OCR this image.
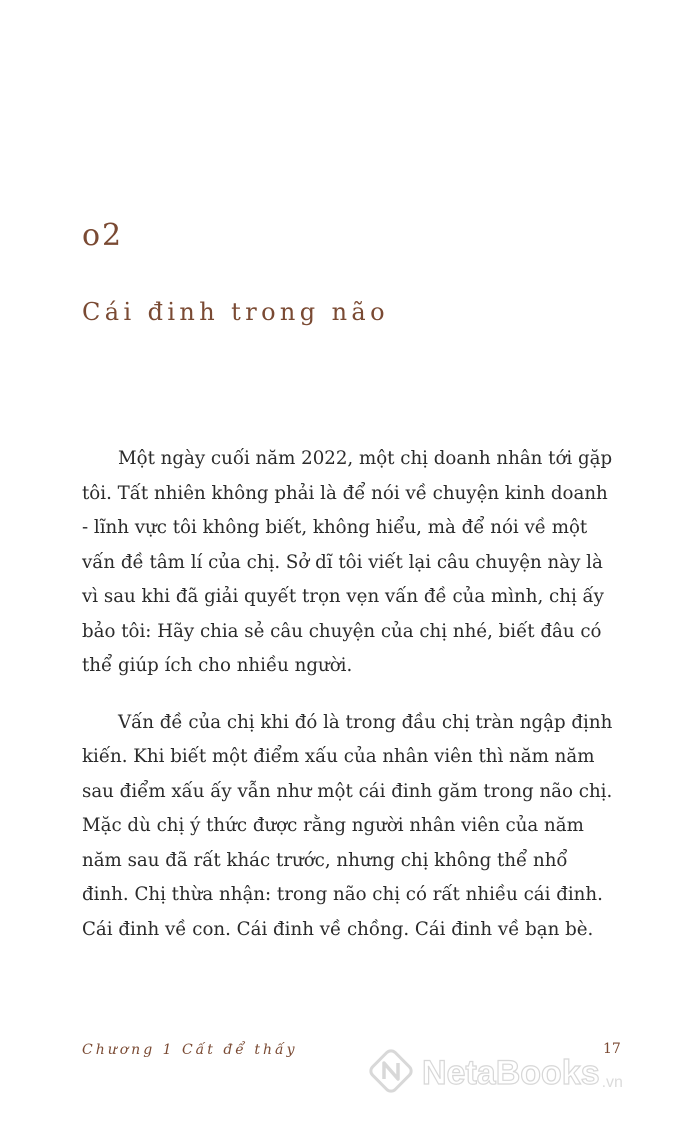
o2
Cái đinh trong não

Một ngày cuối năm 2022, một chị doanh nhân tới gặp tôi. Tất nhiên không phải là để nói về chuyện kinh doanh - lĩnh vực tôi không biết, không hiểu, mà để nói về một vấn đề tâm lí của chị. Sở dĩ tôi viết lại câu chuyện này là vì sau khi đã giải quyết trọn vẹn vấn đề của mình, chị ấy bảo tôi: Hãy chia sẻ câu chuyện của chị nhé, biết đâu có thể giúp ích cho nhiều người.

Vấn đề của chị khi đó là trong đầu chị tràn ngập định kiến. Khi biết một điểm xấu của nhân viên thì năm năm sau điểm xấu ấy vẫn như một cái đinh găm trong não chị. Mặc dù chị ý thức được rằng người nhân viên của năm năm sau đã rất khác trước, nhưng chị không thể nhổ đinh. Chị thừa nhận: trong não chị có rất nhiều cái đinh. Cái đinh về con. Cái đinh về chồng. Cái đinh về bạn bè.

Chương 1 Cất để thấy	17
NetaBooks .vn
